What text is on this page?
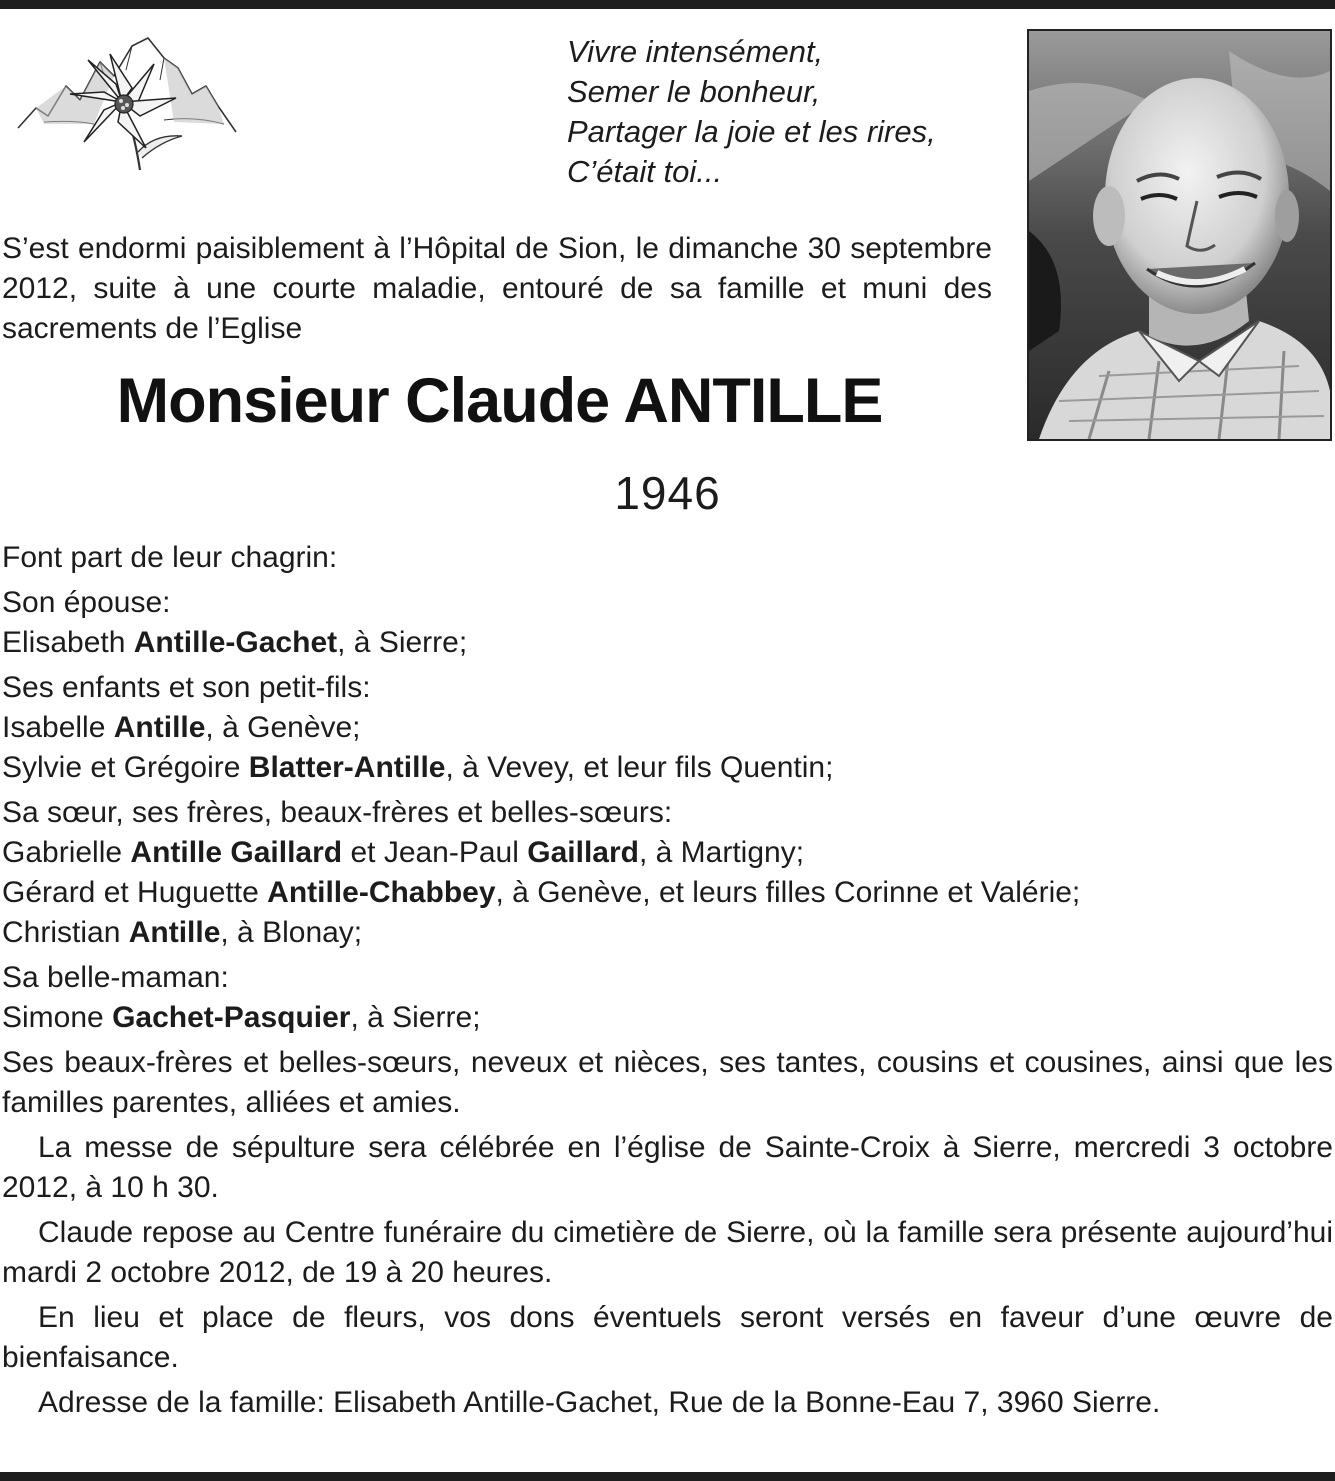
Vivre intensément,
Semer le bonheur,
Partager la joie et les rires,
C’était toi...

S’est endormi paisiblement à l’Hôpital de Sion, le dimanche 30 septembre 2012, suite à une courte maladie, entouré de sa famille et muni des sacrements de l’Eglise

Monsieur Claude ANTILLE
1946
Font part de leur chagrin:
Son épouse:
Elisabeth Antille-Gachet, à Sierre;
Ses enfants et son petit-fils:
Isabelle Antille, à Genève;
Sylvie et Grégoire Blatter-Antille, à Vevey, et leur fils Quentin;
Sa sœur, ses frères, beaux-frères et belles-sœurs:
Gabrielle Antille Gaillard et Jean-Paul Gaillard, à Martigny;
Gérard et Huguette Antille-Chabbey, à Genève, et leurs filles Corinne et Valérie;
Christian Antille, à Blonay;
Sa belle-maman:
Simone Gachet-Pasquier, à Sierre;
Ses beaux-frères et belles-sœurs, neveux et nièces, ses tantes, cousins et cousines, ainsi que les familles parentes, alliées et amies.
La messe de sépulture sera célébrée en l’église de Sainte-Croix à Sierre, mercredi 3 octobre 2012, à 10 h 30.
Claude repose au Centre funéraire du cimetière de Sierre, où la famille sera présente aujourd’hui mardi 2 octobre 2012, de 19 à 20 heures.
En lieu et place de fleurs, vos dons éventuels seront versés en faveur d’une œuvre de bienfaisance.
Adresse de la famille: Elisabeth Antille-Gachet, Rue de la Bonne-Eau 7, 3960 Sierre.
